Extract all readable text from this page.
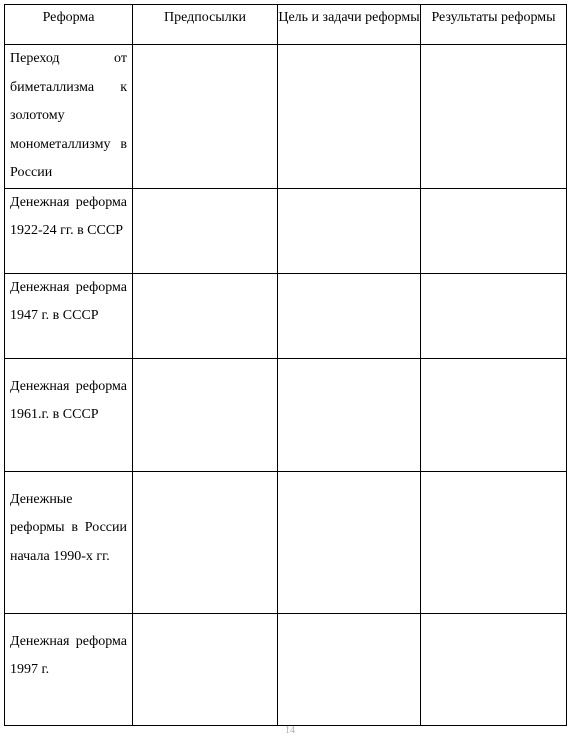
Реформа	Предпосылки	Цель и задачи реформы	Результаты реформы

Переход от биметаллизма к золотому монометаллизму в России			

Денежная реформа 1922-24 гг. в СССР			

Денежная реформа 1947 г. в СССР			

Денежная реформа 1961.г. в СССР			

Денежные реформы в России начала 1990-х гг.			

Денежная реформа 1997 г.			

14
